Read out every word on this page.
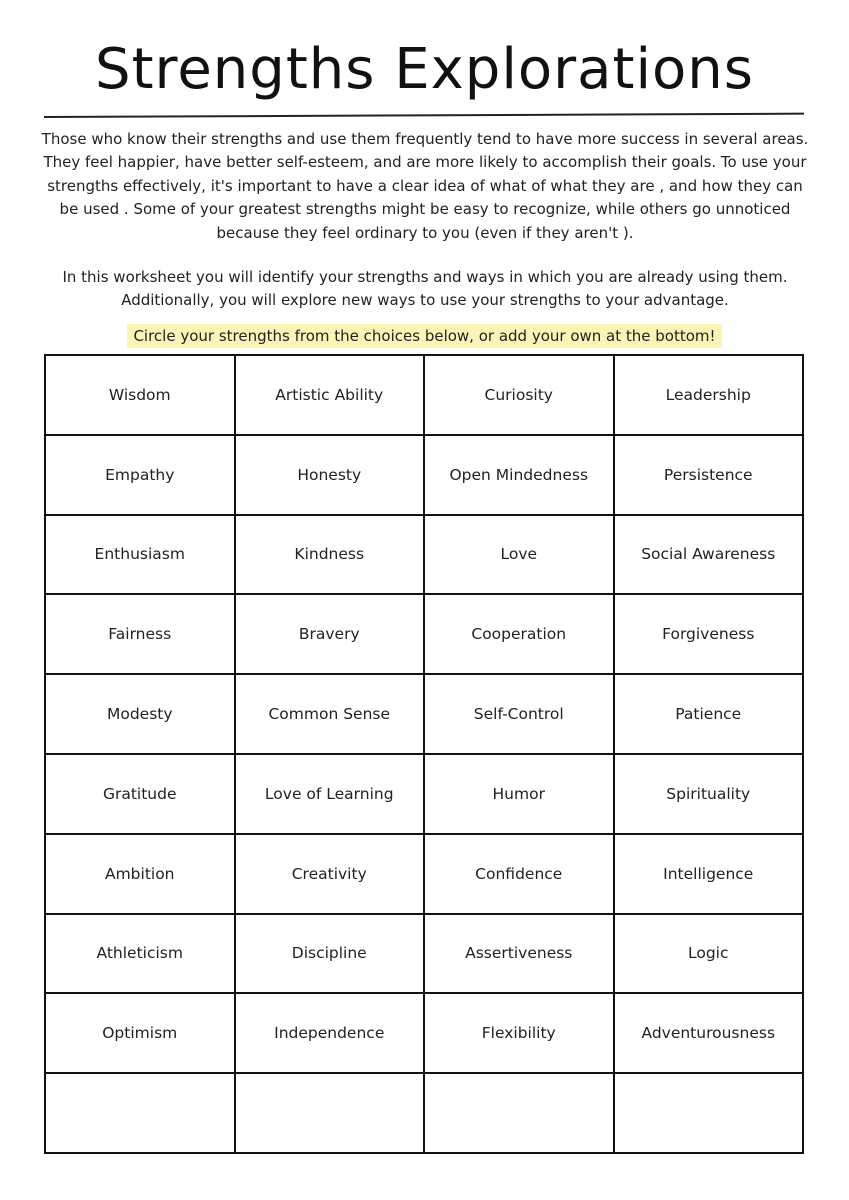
Strengths Explorations

Those who know their strengths and use them frequently tend to have more success in several areas. They feel happier, have better self-esteem, and are more likely to accomplish their goals. To use your strengths effectively, it's important to have a clear idea of what of what they are , and how they can be used . Some of your greatest strengths might be easy to recognize, while others go unnoticed because they feel ordinary to you (even if they aren't ).

In this worksheet you will identify your strengths and ways in which you are already using them. Additionally, you will explore new ways to use your strengths to your advantage.

Circle your strengths from the choices below, or add your own at the bottom!
Wisdom	Artistic Ability	Curiosity	Leadership
Empathy	Honesty	Open Mindedness	Persistence
Enthusiasm	Kindness	Love	Social Awareness
Fairness	Bravery	Cooperation	Forgiveness
Modesty	Common Sense	Self-Control	Patience
Gratitude	Love of Learning	Humor	Spirituality
Ambition	Creativity	Confidence	Intelligence
Athleticism	Discipline	Assertiveness	Logic
Optimism	Independence	Flexibility	Adventurousness
